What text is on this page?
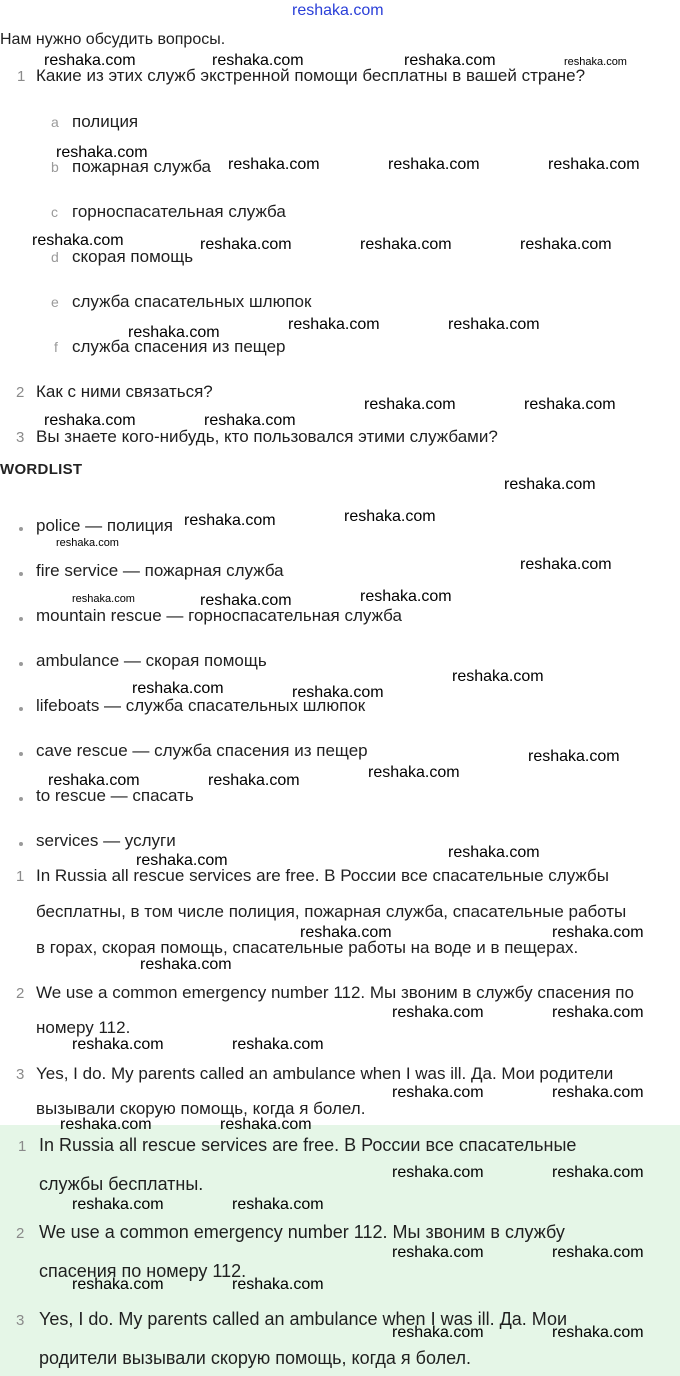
reshaka.com
Нам нужно обсудить вопросы.
1 Какие из этих служб экстренной помощи бесплатны в вашей стране?
a полиция
b пожарная служба
c горноспасательная служба
d скорая помощь
e служба спасательных шлюпок
f служба спасения из пещер
2 Как с ними связаться?
3 Вы знаете кого-нибудь, кто пользовался этими службами?
WORDLIST
police — полиция
fire service — пожарная служба
mountain rescue — горноспасательная служба
ambulance — скорая помощь
lifeboats — служба спасательных шлюпок
cave rescue — служба спасения из пещер
to rescue — спасать
services — услуги
1 In Russia all rescue services are free. В России все спасательные службы
бесплатны, в том числе полиция, пожарная служба, спасательные работы
в горах, скорая помощь, спасательные работы на воде и в пещерах.
2 We use a common emergency number 112. Мы звоним в службу спасения по
номеру 112.
3 Yes, I do. My parents called an ambulance when I was ill. Да. Мои родители
вызывали скорую помощь, когда я болел.
1 In Russia all rescue services are free. В России все спасательные
службы бесплатны.
2 We use a common emergency number 112. Мы звоним в службу
спасения по номеру 112.
3 Yes, I do. My parents called an ambulance when I was ill. Да. Мои
родители вызывали скорую помощь, когда я болел.
reshaka.com	reshaka.com	reshaka.com	reshaka.com
reshaka.com
reshaka.com	reshaka.com	reshaka.com
reshaka.com	reshaka.com	reshaka.com	reshaka.com
reshaka.com	reshaka.com
reshaka.com
reshaka.com	reshaka.com
reshaka.com	reshaka.com
reshaka.com
reshaka.com
reshaka.com
reshaka.com
reshaka.com
reshaka.com
reshaka.com	reshaka.com
reshaka.com
reshaka.com	reshaka.com
reshaka.com
reshaka.com
reshaka.com	reshaka.com
reshaka.com
reshaka.com
reshaka.com	reshaka.com
reshaka.com
reshaka.com	reshaka.com
reshaka.com	reshaka.com
reshaka.com	reshaka.com
reshaka.com	reshaka.com
reshaka.com	reshaka.com
reshaka.com	reshaka.com
reshaka.com	reshaka.com
reshaka.com	reshaka.com
reshaka.com	reshaka.com
